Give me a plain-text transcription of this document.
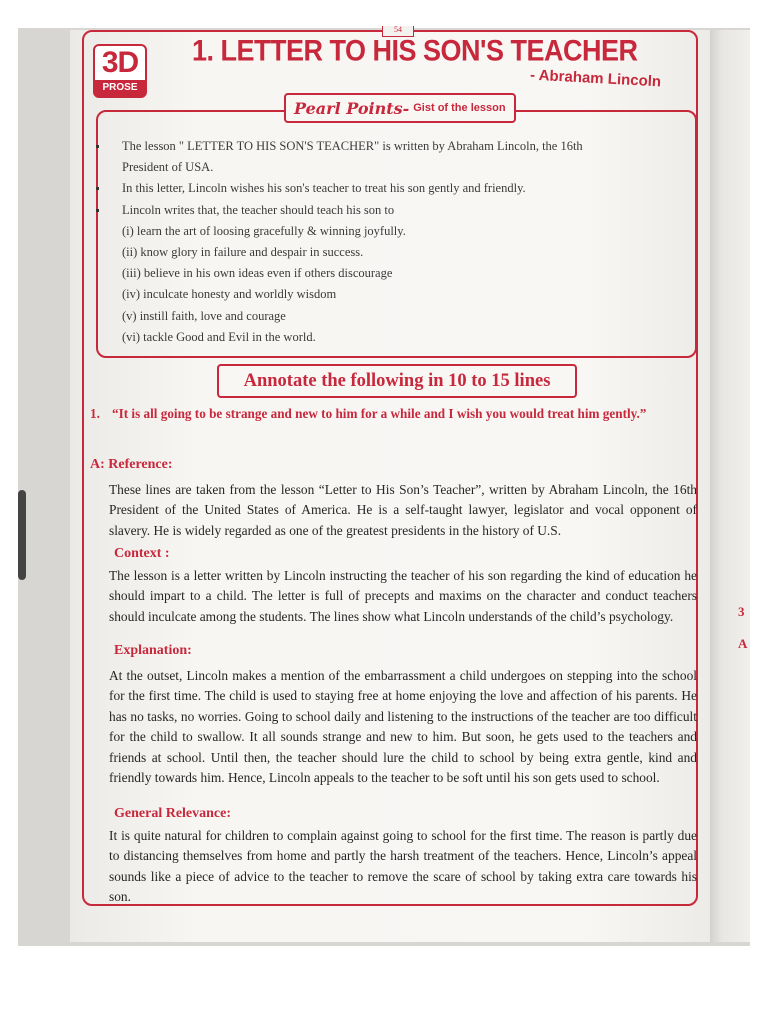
3
A
54
3D
PROSE
1. LETTER TO HIS SON'S TEACHER
- Abraham Lincoln
Pearl Points- Gist of the lesson
The lesson " LETTER TO HIS SON'S TEACHER" is written by Abraham Lincoln, the 16th
President of USA.
In this letter, Lincoln wishes his son's teacher to treat his son gently and friendly.
Lincoln writes that, the teacher should teach his son to
(i) learn the art of loosing gracefully & winning joyfully.
(ii) know glory in failure and despair in success.
(iii) believe in his own ideas even if others discourage
(iv) inculcate honesty and worldly wisdom
(v) instill faith, love and courage
(vi) tackle Good and Evil in the world.
Annotate the following in 10 to 15 lines
1. “It is all going to be strange and new to him for a while and I wish you would treat him gently.”
A: Reference:
These lines are taken from the lesson “Letter to His Son’s Teacher”, written by Abraham Lincoln, the 16th President of the United States of America. He is a self-taught lawyer, legislator and vocal opponent of slavery. He is widely regarded as one of the greatest presidents in the history of U.S.
Context :
The lesson is a letter written by Lincoln instructing the teacher of his son regarding the kind of education he should impart to a child. The letter is full of precepts and maxims on the character and conduct teachers should inculcate among the students. The lines show what Lincoln understands of the child’s psychology.
Explanation:
At the outset, Lincoln makes a mention of the embarrassment a child undergoes on stepping into the school for the first time. The child is used to staying free at home enjoying the love and affection of his parents. He has no tasks, no worries. Going to school daily and listening to the instructions of the teacher are too difficult for the child to swallow. It all sounds strange and new to him. But soon, he gets used to the teachers and friends at school. Until then, the teacher should lure the child to school by being extra gentle, kind and friendly towards him. Hence, Lincoln appeals to the teacher to be soft until his son gets used to school.
General Relevance:
It is quite natural for children to complain against going to school for the first time. The reason is partly due to distancing themselves from home and partly the harsh treatment of the teachers. Hence, Lincoln’s appeal sounds like a piece of advice to the teacher to remove the scare of school by taking extra care towards his son.
